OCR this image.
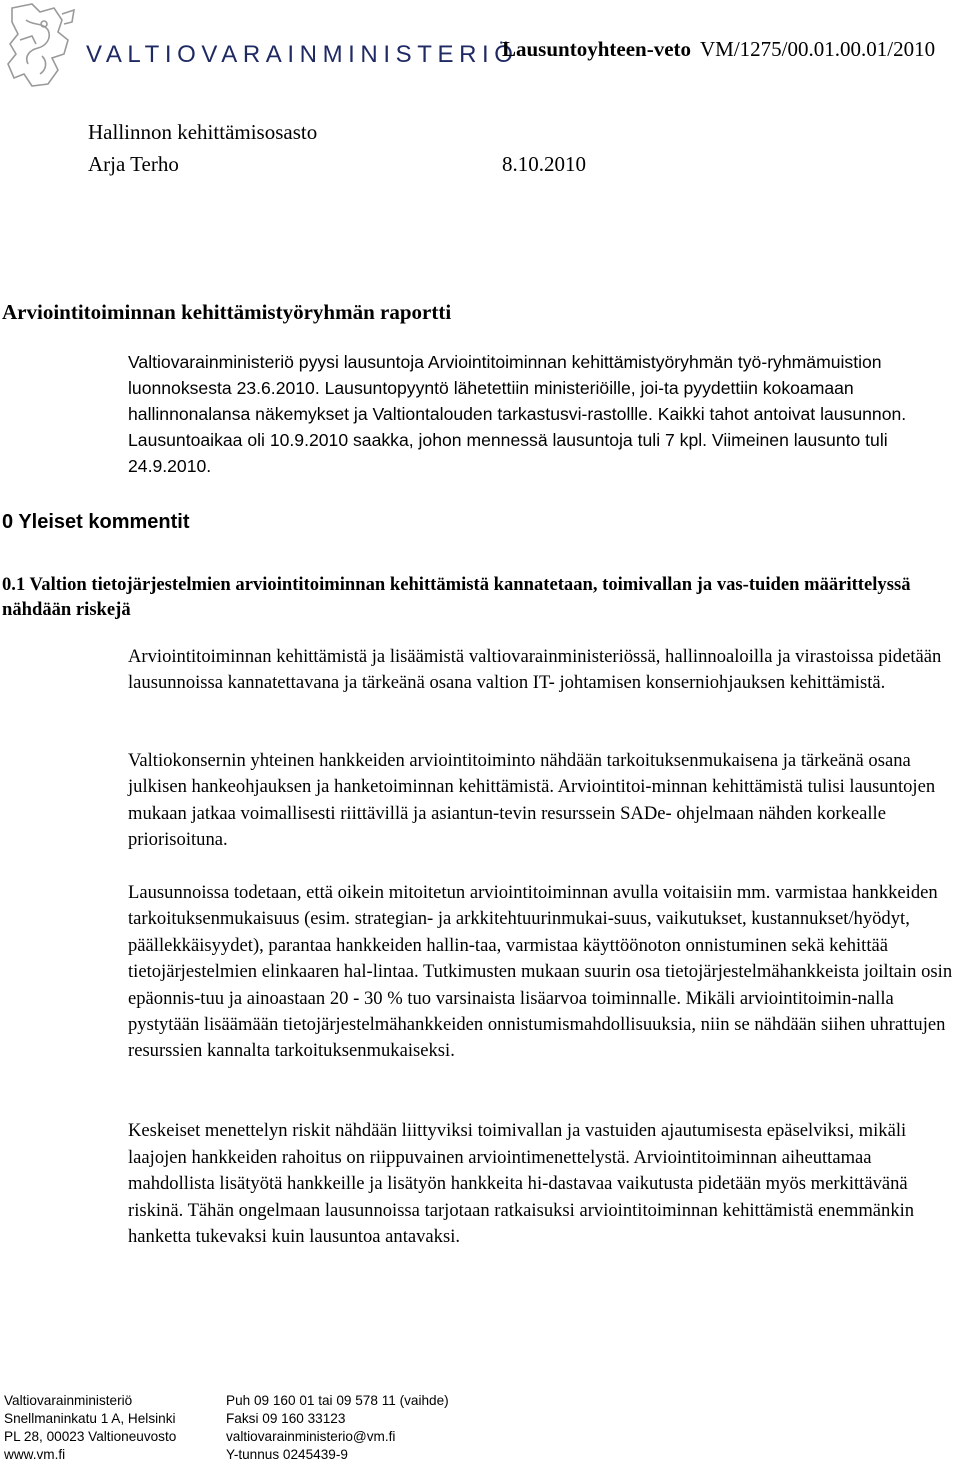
VALTIOVARAINMINISTERIÖ
Lausuntoyhteen-veto VM/1275/00.01.00.01/2010
Hallinnon kehittämisosasto
Arja Terho	8.10.2010
Arviointitoiminnan kehittämistyöryhmän raportti
Valtiovarainministeriö pyysi lausuntoja Arviointitoiminnan kehittämistyöryhmän työ-ryhmämuistion luonnoksesta 23.6.2010. Lausuntopyyntö lähetettiin ministeriöille, joi-ta pyydettiin kokoamaan hallinnonalansa näkemykset ja Valtiontalouden tarkastusvi-rastollle. Kaikki tahot antoivat lausunnon. Lausuntoaikaa oli 10.9.2010 saakka, johon mennessä lausuntoja tuli 7 kpl. Viimeinen lausunto tuli 24.9.2010.
0 Yleiset kommentit
0.1 Valtion tietojärjestelmien arviointitoiminnan kehittämistä kannatetaan, toimivallan ja vas-tuiden määrittelyssä nähdään riskejä
Arviointitoiminnan kehittämistä ja lisäämistä valtiovarainministeriössä, hallinnoaloilla ja virastoissa pidetään lausunnoissa kannatettavana ja tärkeänä osana valtion IT- johtamisen konserniohjauksen kehittämistä.
Valtiokonsernin yhteinen hankkeiden arviointitoiminto nähdään tarkoituksenmukaisena ja tärkeänä osana julkisen hankeohjauksen ja hanketoiminnan kehittämistä. Arviointitoi-minnan kehittämistä tulisi lausuntojen mukaan jatkaa voimallisesti riittävillä ja asiantun-tevin resurssein SADe- ohjelmaan nähden korkealle priorisoituna.
Lausunnoissa todetaan, että oikein mitoitetun arviointitoiminnan avulla voitaisiin mm. varmistaa hankkeiden tarkoituksenmukaisuus (esim. strategian- ja arkkitehtuurinmukai-suus, vaikutukset, kustannukset/hyödyt, päällekkäisyydet), parantaa hankkeiden hallin-taa, varmistaa käyttöönoton onnistuminen sekä kehittää tietojärjestelmien elinkaaren hal-lintaa. Tutkimusten mukaan suurin osa tietojärjestelmähankkeista joiltain osin epäonnis-tuu ja ainoastaan 20 - 30 % tuo varsinaista lisäarvoa toiminnalle. Mikäli arviointitoimin-nalla pystytään lisäämään tietojärjestelmähankkeiden onnistumismahdollisuuksia, niin se nähdään siihen uhrattujen resurssien kannalta tarkoituksenmukaiseksi.
Keskeiset menettelyn riskit nähdään liittyviksi toimivallan ja vastuiden ajautumisesta epäselviksi, mikäli laajojen hankkeiden rahoitus on riippuvainen arviointimenettelystä. Arviointitoiminnan aiheuttamaa mahdollista lisätyötä hankkeille ja lisätyön hankkeita hi-dastavaa vaikutusta pidetään myös merkittävänä riskinä. Tähän ongelmaan lausunnoissa tarjotaan ratkaisuksi arviointitoiminnan kehittämistä enemmänkin hanketta tukevaksi kuin lausuntoa antavaksi.
Valtiovarainministeriö
Snellmaninkatu 1 A, Helsinki
PL 28, 00023 Valtioneuvosto
www.vm.fi
Puh 09 160 01 tai 09 578 11 (vaihde)
Faksi 09 160 33123
valtiovarainministerio@vm.fi
Y-tunnus 0245439-9
